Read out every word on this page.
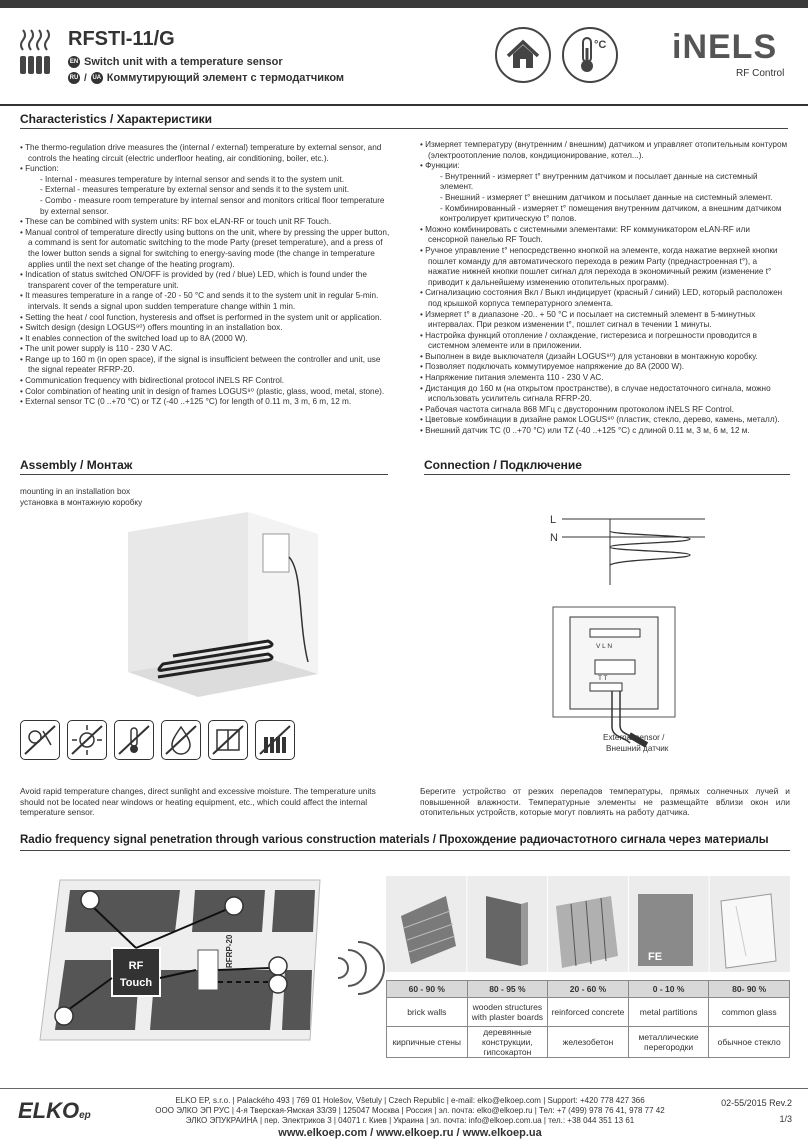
RFSTI-11/G
EN Switch unit with a temperature sensor
RU / UA Коммутирующий элемент с термодатчиком
°C iNELS
RF Control
Characteristics / Характеристики

• The thermo-regulation drive measures the (internal / external) temperature by external sensor, and controls the heating circuit (electric underfloor heating, air conditioning, boiler, etc.).

• Function:

- Internal - measures temperature by internal sensor and sends it to the system unit.

- External - measures temperature by external sensor and sends it to the system unit.

- Combo - measure room temperature by internal sensor and monitors critical floor temperature by external sensor.

• These can be combined with system units: RF box eLAN-RF or touch unit RF Touch.

• Manual control of temperature directly using buttons on the unit, where by pressing the upper button, a command is sent for automatic switching to the mode Party (preset temperature), and a press of the lower button sends a signal for switching to energy-saving mode (the change in temperature applies until the next set change of the heating program).

• Indication of status switched ON/OFF is provided by (red / blue) LED, which is found under the transparent cover of the temperature unit.

• It measures temperature in a range of -20 - 50 °C and sends it to the system unit in regular 5-min. intervals. It sends a signal upon sudden temperature change within 1 min.

• Setting the heat / cool function, hysteresis and offset is performed in the system unit or application.

• Switch design (design LOGUS⁹⁰) offers mounting in an installation box.

• It enables connection of the switched load up to 8A (2000 W).

• The unit power supply is 110 - 230 V AC.

• Range up to 160 m (in open space), if the signal is insufficient between the controller and unit, use the signal repeater RFRP-20.

• Communication frequency with bidirectional protocol iNELS RF Control.

• Color combination of heating unit in design of frames LOGUS⁹⁰ (plastic, glass, wood, metal, stone).

• External sensor TC (0 ..+70 °C) or TZ (-40 ..+125 °C) for length of 0.11 m, 3 m, 6 m, 12 m.

• Измеряет температуру (внутренним / внешним) датчиком и управляет отопительным контуром (электроотопление полов, кондиционирование, котел...).

• Функции:

- Внутренний - измеряет t° внутренним датчиком и посылает данные на системный элемент.

- Внешний - измеряет t° внешним датчиком и посылает данные на системный элемент.

- Комбинированный - измеряет t° помещения внутренним датчиком, а внешним датчиком контролирует критическую t° полов.

• Можно комбинировать с системными элементами: RF коммуникатором eLAN-RF или сенсорной панелью RF Touch.

• Ручное управление t° непосредственно кнопкой на элементе, когда нажатие верхней кнопки пошлет команду для автоматического перехода в режим Party (преднастроенная t°), а нажатие нижней кнопки пошлет сигнал для перехода в экономичный режим (изменение t° приводит к дальнейшему изменению отопительных программ).

• Сигнализацию состояния Вкл / Выкл индицирует (красный / синий) LED, который расположен под крышкой корпуса температурного элемента.

• Измеряет t° в диапазоне -20.. + 50 °C и посылает на системный элемент в 5-минутных интервалах. При резком изменении t°, пошлет сигнал в течении 1 минуты.

• Настройка функций отопление / охлаждение, гистерезиса и погрешности проводится в системном элементе или в приложении.

• Выполнен в виде выключателя (дизайн LOGUS⁹⁰) для установки в монтажную коробку.

• Позволяет подключать коммутируемое напряжение до 8A (2000 W).

• Напряжение питания элемента 110 - 230 V AC.

• Дистанция до 160 м (на открытом пространстве), в случае недостаточного сигнала, можно использовать усилитель сигнала RFRP-20.

• Рабочая частота сигнала 868 МГц с двусторонним протоколом iNELS RF Control.

• Цветовые комбинации в дизайне рамок LOGUS⁹⁰ (пластик, стекло, дерево, камень, металл).

• Внешний датчик TC (0 ..+70 °C) или TZ (-40 ..+125 °C) с длиной 0.11 м, 3 м, 6 м, 12 м.

Assembly / Монтаж
mounting in an installation box
установка в монтажную коробку
Connection / Подключение
L
N
V L N
T T
External sensor /
Внешний датчик
Avoid rapid temperature changes, direct sunlight and excessive moisture. The temperature units should not be located near windows or heating equipment, etc., which could affect the internal temperature sensor.
Берегите устройство от резких перепадов температуры, прямых солнечных лучей и повышенной влажности. Температурные элементы не размещайте вблизи окон или отопительных устройств, которые могут повлиять на работу датчика.
Radio frequency signal penetration through various construction materials / Прохождение радиочастотного сигнала через материалы
RF
Touch
RFRP-20	FE
60 - 90 %	80 - 95 %	20 - 60 %	0 - 10 %	80- 90 %
brick walls	wooden structures with plaster boards	reinforced concrete	metal partitions	common glass
кирпичные стены	деревянные конструкции, гипсокартон	железобетон	металлические перегородки	обычное стекло
ELKOep
ELKO EP, s.r.o. | Palackého 493 | 769 01 Holešov, Všetuly | Czech Republic | e-mail: elko@elkoep.com | Support: +420 778 427 366
ООО ЭЛКО ЭП РУС | 4-я Тверская-Ямская 33/39 | 125047 Москва | Россия | эл. почта: elko@elkoep.ru | Тел: +7 (499) 978 76 41, 978 77 42
ЭЛКО ЭПУКРАИНА | пер. Электриков 3 | 04071 г. Киев | Украина | эл. почта: info@elkoep.com.ua | тел.: +38 044 351 13 61
www.elkoep.com / www.elkoep.ru / www.elkoep.ua
02-55/2015 Rev.2
1/3
